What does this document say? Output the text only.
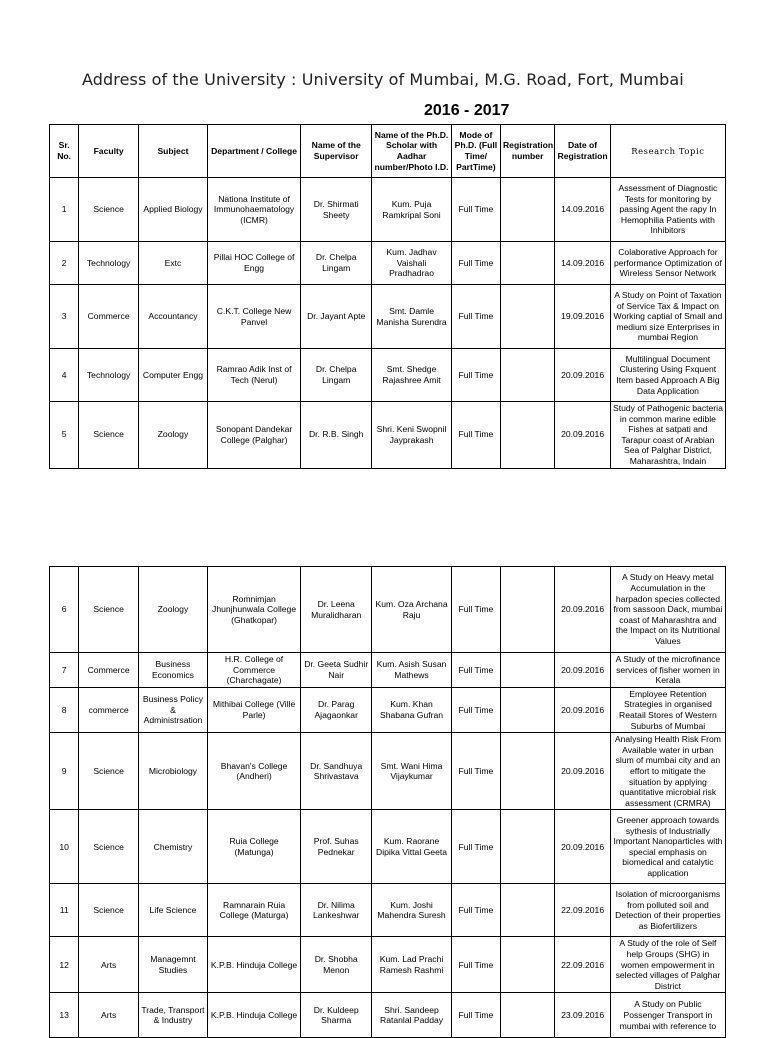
Address of the University : University of Mumbai, M.G. Road, Fort, Mumbai
2016 - 2017
Sr. No.	Faculty	Subject	Department / College	Name of the Supervisor	Name of the Ph.D. Scholar with Aadhar number/Photo I.D.	Mode of Ph.D. (Full Time/ PartTime)	Registration number	Date of Registration	Research Topic
1	Science	Applied Biology	Nationa Institute of Immunohaematology (ICMR)	Dr. Shirmati Sheety	Kum. Puja Ramkripal Soni	Full Time		14.09.2016	Assessment of Diagnostic Tests for monitoring by passing Agent the rapy In Hemophilia Patients with Inhibitors
2	Technology	Extc	Pillai HOC College of Engg	Dr. Chelpa Lingam	Kum. Jadhav Vaishali Pradhadrao	Full Time		14.09.2016	Colaborative Approach for performance Optimization of Wireless Sensor Network
3	Commerce	Accountancy	C.K.T. College New Panvel	Dr. Jayant Apte	Smt. Damle Manisha Surendra	Full Time		19.09.2016	A Study on Point of Taxation of Service Tax & Impact on Working captial of Small and medium size Enterprises in mumbai Region
4	Technology	Computer Engg	Ramrao Adik Inst of Tech (Nerul)	Dr. Chelpa Lingam	Smt. Shedge Rajashree Amit	Full Time		20.09.2016	Multilingual Document Clustering Using Fxquent Item based Approach A Big Data Application
5	Science	Zoology	Sonopant Dandekar College (Palghar)	Dr. R.B. Singh	Shri. Keni Swopnil Jayprakash	Full Time		20.09.2016	Study of Pathogenic bacteria in common marine edible Fishes at satpati and Tarapur coast of Arabian Sea of Palghar District, Maharashtra, Indain
6	Science	Zoology	Romnimjan Jhunjhunwala College (Ghatkopar)	Dr. Leena Muralidharan	Kum. Oza Archana Raju	Full Time		20.09.2016	A Study on Heavy metal Accumulation in the harpadon species collected from sassoon Dack, mumbai coast of Maharashtra and the Impact on its Nutritional Values
7	Commerce	Business Economics	H.R. College of Commerce (Charchagate)	Dr. Geeta Sudhir Nair	Kum. Asish Susan Mathews	Full Time		20.09.2016	A Study of the microfinance services of fisher women in Kerala
8	commerce	Business Policy & Administrsation	Mithibai College (Ville Parle)	Dr. Parag Ajagaonkar	Kum. Khan Shabana Gufran	Full Time		20.09.2016	Employee Retention Strategies in organised Reatail Stores of Western Suburbs of Mumbai
9	Science	Microbiology	Bhavan's College (Andheri)	Dr. Sandhuya Shrivastava	Smt. Wani Hima Vijaykumar	Full Time		20.09.2016	Analysing Health Risk From Available water in urban slum of mumbai city and an effort to mitigate the situation by applying quantitative microbial risk assessment (CRMRA)
10	Science	Chemistry	Ruia College (Matunga)	Prof. Suhas Pednekar	Kum. Raorane Dipika Vittal Geeta	Full Time		20.09.2016	Greener approach towards sythesis of Industrially Important Nanoparticles with special emphasis on biomedical and catalytic application
11	Science	Life Science	Ramnarain Ruia College (Maturga)	Dr. Nilima Lankeshwar	Kum. Joshi Mahendra Suresh	Full Time		22.09.2016	Isolation of microorganisms from polluted soil and Detection of their properties as Biofertilizers
12	Arts	Managemnt Studies	K.P.B. Hinduja College	Dr. Shobha Menon	Kum. Lad Prachi Ramesh Rashmi	Full Time		22.09.2016	A Study of the role of Self help Groups (SHG) in women empowerment in selected villages of Palghar District
13	Arts	Trade, Transport & Industry	K.P.B. Hinduja College	Dr. Kuldeep Sharma	Shri. Sandeep Ratanlal Padday	Full Time		23.09.2016	A Study on Public Possenger Transport in mumbai with reference to
